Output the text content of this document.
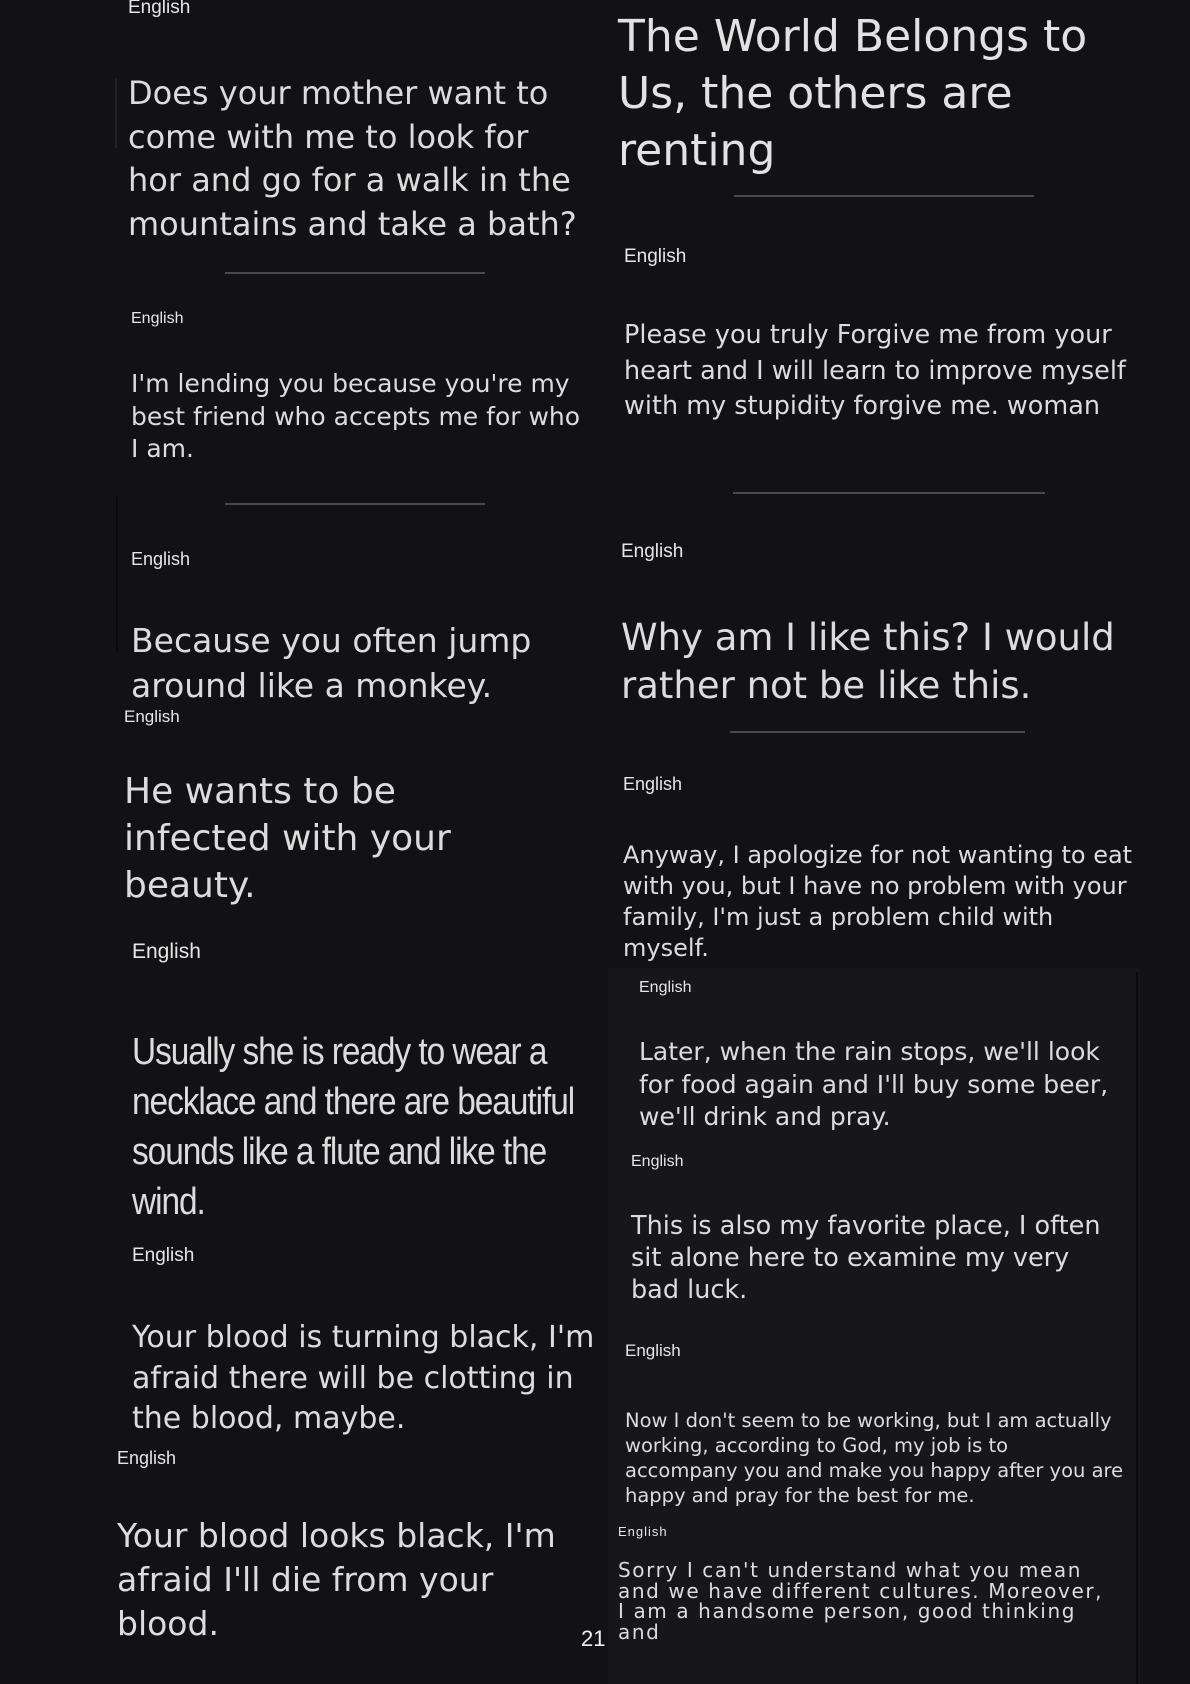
English

Does your mother want to come with me to look for hor and go for a walk in the mountains and take a bath?

English

I'm lending you because you're my best friend who accepts me for who I am.

English

Because you often jump around like a monkey.

English

He wants to be infected with your beauty.

English

Usually she is ready to wear a necklace and there are beautiful sounds like a flute and like the wind.

English

Your blood is turning black, I'm afraid there will be clotting in the blood, maybe.

English

Your blood looks black, I'm afraid I'll die from your blood.

The World Belongs to Us, the others are renting

English

Please you truly Forgive me from your heart and I will learn to improve myself with my stupidity forgive me. woman

English

Why am I like this? I would rather not be like this.

English

Anyway, I apologize for not wanting to eat with you, but I have no problem with your family, I'm just a problem child with myself.

English

Later, when the rain stops, we'll look for food again and I'll buy some beer, we'll drink and pray.

English

This is also my favorite place, I often sit alone here to examine my very bad luck.

English

Now I don't seem to be working, but I am actually working, according to God, my job is to accompany you and make you happy after you are happy and pray for the best for me.

English

Sorry I can't understand what you mean and we have different cultures. Moreover, I am a handsome person, good thinking and

21
